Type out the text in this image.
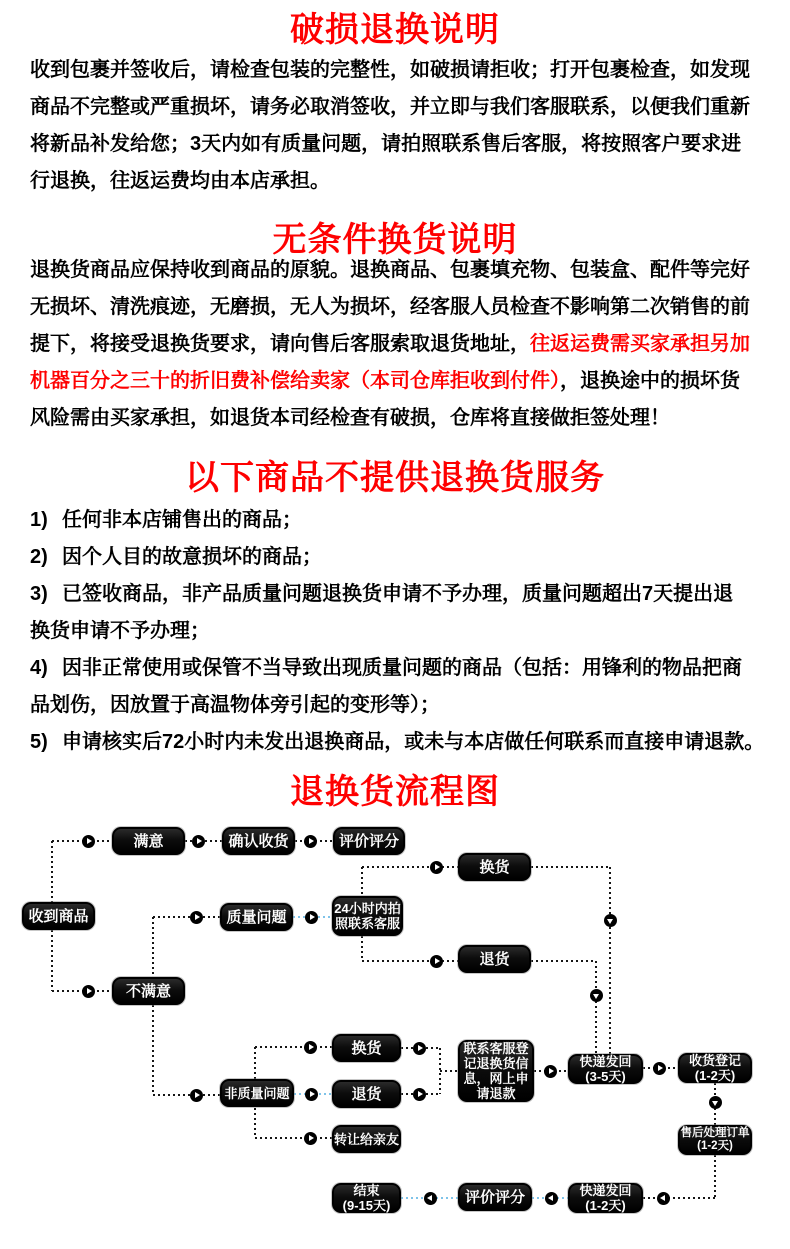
破损退换说明
收到包裹并签收后，请检查包装的完整性，如破损请拒收；打开包裹检查，如发现
商品不完整或严重损坏，请务必取消签收，并立即与我们客服联系，以便我们重新
将新品补发给您；3天内如有质量问题，请拍照联系售后客服，将按照客户要求进
行退换，往返运费均由本店承担。
无条件换货说明
退换货商品应保持收到商品的原貌。退换商品、包裹填充物、包装盒、配件等完好
无损坏、清洗痕迹，无磨损，无人为损坏，经客服人员检查不影响第二次销售的前
提下，将接受退换货要求，请向售后客服索取退货地址，往返运费需买家承担另加
机器百分之三十的折旧费补偿给卖家（本司仓库拒收到付件），退换途中的损坏货
风险需由买家承担，如退货本司经检查有破损，仓库将直接做拒签处理！
以下商品不提供退换货服务
1) 任何非本店铺售出的商品；
2) 因个人目的故意损坏的商品；
3) 已签收商品，非产品质量问题退换货申请不予办理，质量问题超出7天提出退
换货申请不予办理；
4) 因非正常使用或保管不当导致出现质量问题的商品（包括：用锋利的物品把商
品划伤，因放置于高温物体旁引起的变形等）；
5) 申请核实后72小时内未发出退换商品，或未与本店做任何联系而直接申请退款。
退换货流程图
收到商品
满意	确认收货	评价评分
质量问题	24小时内拍
照联系客服
不满意
换货
退货
非质量问题
换货
退货
转让给亲友
联系客服登
记退换货信
息，网上申
请退款
快递发回
(3-5天)
收货登记
(1-2天)
售后处理订单
(1-2天)
快递发回
(1-2天)
评价评分
结束
(9-15天)
